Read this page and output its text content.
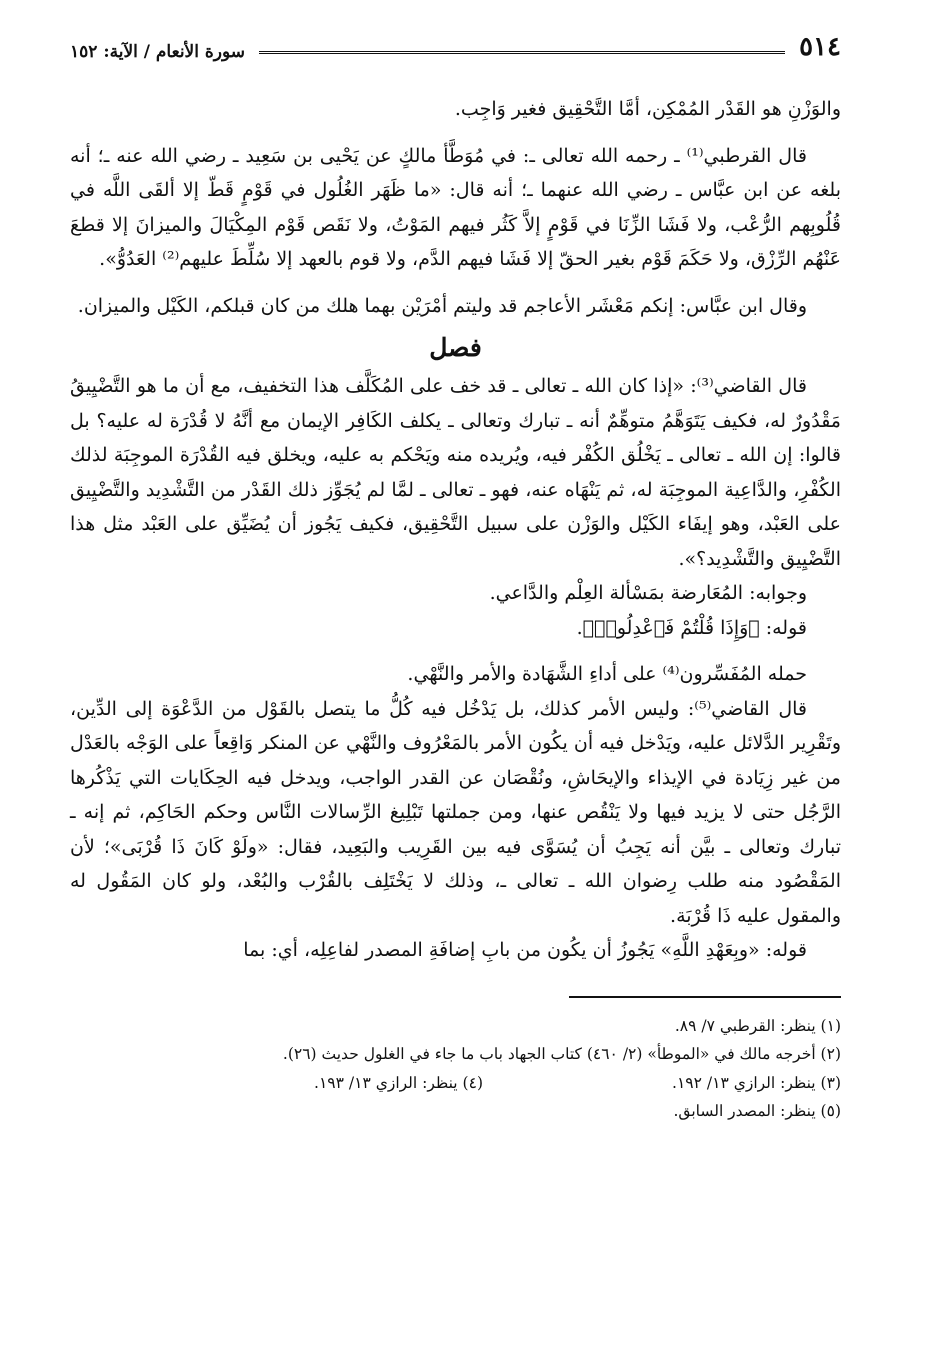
٥١٤
سورة الأنعام / الآية: ١٥٢

والوَزْنِ هو القَدْر المُمْكِن، أمَّا التَّحْقِيق فغير وَاجِب.

قال القرطبي⁽¹⁾ ـ رحمه الله تعالى ـ: في مُوَطَّأ مالكٍ عن يَحْيى بن سَعِيد ـ رضي الله عنه ـ؛ أنه بلغه عن ابن عبَّاس ـ رضي الله عنهما ـ؛ أنه قال: «ما ظَهَر الغُلُول في قَوْمٍ قَطّ إلا ألقَى اللَّه في قُلُوبِهم الرُّعْب، ولا فَشَا الزِّنَا في قَوْمٍ إلاَّ كَثُر فيهم المَوْتُ، ولا نَقَص قَوْم المِكْيَالَ والميزانَ إلا قطعَ عَنْهُم الرِّزْق، ولا حَكَمَ قَوْم بغير الحقّ إلا فَشَا فيهم الدَّم، ولا قوم بالعهد إلا سُلِّطَ عليهم⁽²⁾ العَدُوُّ».

وقال ابن عبَّاس: إنكم مَعْشَر الأعاجم قد وليتم أمْرَيْن بهما هلك من كان قبلكم، الكَيْل والميزان.

فصل

قال القاضي⁽³⁾: «إذا كان الله ـ تعالى ـ قد خف على المُكَلَّف هذا التخفيف، مع أن ما هو التَّضْيِيقُ مَقْدُورٌ له، فكيف يَتَوَهَّمُ متوهِّمٌ أنه ـ تبارك وتعالى ـ يكلف الكَافِر الإيمان مع أنَّهُ لا قُدْرَة له عليه؟ بل قالوا: إن الله ـ تعالى ـ يَخْلُق الكُفْر فيه، ويُريده منه ويَحْكم به عليه، ويخلق فيه القُدْرَة الموجِبَة لذلك الكُفْرِ، والدَّاعِية الموجِبَة له، ثم يَنْهَاه عنه، فهو ـ تعالى ـ لمَّا لم يُجَوِّز ذلك القَدْر من التَّشْدِيد والتَّضْيِيق على العَبْد، وهو إيفَاء الكَيْل والوَزْن على سبيل التَّحْقِيق، فكيف يَجُوز أن يُضَيِّق على العَبْد مثل هذا التَّضْيِيق والتَّشْدِيد؟».

وجوابه: المُعَارضة بمَسْألة العِلْم والدَّاعي.

قوله: ﴿وَإِذَا قُلْتُمْ فَٱعْدِلُوا۟﴾.

حمله المُفَسِّرون⁽⁴⁾ على أداءِ الشَّهَادة والأمر والنَّهْي.

قال القاضي⁽⁵⁾: وليس الأمر كذلك، بل يَدْخُل فيه كُلُّ ما يتصل بالقَوْل من الدَّعْوَة إلى الدِّين، وتَقْرِير الدَّلائل عليه، ويَدْخل فيه أن يكُون الأمر بالمَعْرُوف والنَّهْي عن المنكر وَاقِعاً على الوَجْه بالعَدْل من غير زِيَادة في الإيذاء والإيحَاشِ، ونُقْصَان عن القدر الواجب، ويدخل فيه الحِكَايات التي يَذْكُرها الرَّجُل حتى لا يزيد فيها ولا يَنْقُص عنها، ومن جملتها تَبْلِيغ الرِّسالات النَّاس وحكم الحَاكِم، ثم إنه ـ تبارك وتعالى ـ بيَّن أنه يَجِبُ أن يُسَوَّى فيه بين القَرِيب والبَعِيد، فقال: «ولَوْ كَانَ ذَا قُرْبَى»؛ لأن المَقْصُود منه طلب رِضوان الله ـ تعالى ـ، وذلك لا يَخْتَلِف بالقُرْب والبُعْد، ولو كان المَقُول له والمقول عليه ذَا قُرْبَة.

قوله: «وبِعَهْدِ اللَّهِ» يَجُوزُ أن يكُون من بابِ إضافَةِ المصدر لفاعِلِه، أي: بما

(١) ينظر: القرطبي ٧/ ٨٩.
(٢) أخرجه مالك في «الموطأ» (٢/ ٤٦٠) كتاب الجهاد باب ما جاء في الغلول حديث (٢٦).
(٣) ينظر: الرازي ١٣/ ١٩٢.
(٤) ينظر: الرازي ١٣/ ١٩٣.
(٥) ينظر: المصدر السابق.
